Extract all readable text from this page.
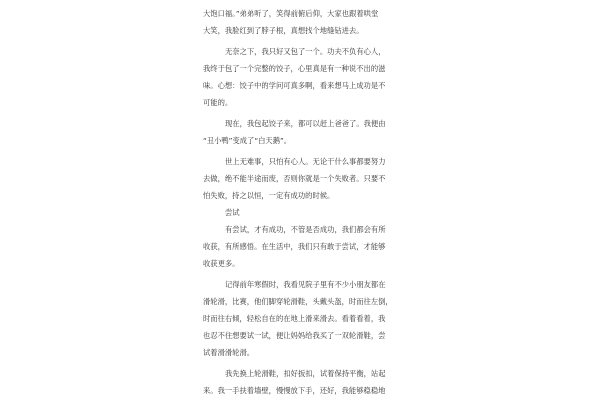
大饱口福。”弟弟听了，笑得前俯后仰，大家也跟着哄堂
大笑，我脸红到了脖子根，真想找个地缝钻进去。
无奈之下，我只好又包了一个。功夫不负有心人，
我终于包了一个完整的饺子，心里真是有一种说不出的滋
味。心想：饺子中的学问可真多啊，看来想马上成功是不
可能的。
现在，我包起饺子来，都可以赶上爸爸了。我便由
“丑小鸭”变成了“白天鹅”。
世上无难事，只怕有心人。无论干什么事都要努力
去做，绝不能半途而废，否则你就是一个失败者。只要不
怕失败，持之以恒，一定有成功的时候。
尝试
有尝试，才有成功，不管是否成功，我们都会有所
收获，有所感悟。在生活中，我们只有敢于尝试，才能够
收获更多。
记得前年寒假时，我看见院子里有不少小朋友都在
滑轮滑，比赛，他们脚穿轮滑鞋，头戴头盔，时而往左倒，
时而往右倾，轻松自在的在地上滑来滑去。看着看着，我
也忍不住想要试一试，便让妈妈给我买了一双轮滑鞋，尝
试着滑滑轮滑。
我先换上轮滑鞋，扣好扳扣，试着保持平衡，站起
来。我一手扶着墙壁，慢慢放下手，还好，我能够稳稳地
